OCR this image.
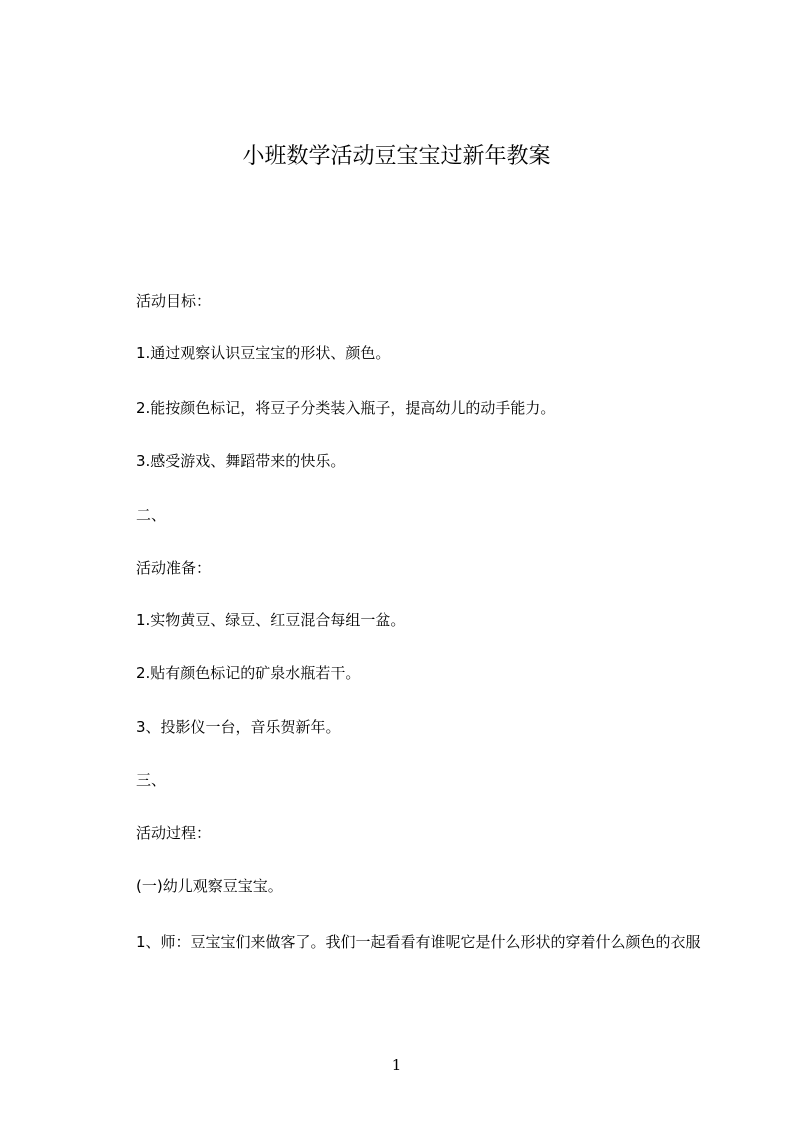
小班数学活动豆宝宝过新年教案
活动目标：
1.通过观察认识豆宝宝的形状、颜色。
2.能按颜色标记，将豆子分类装入瓶子，提高幼儿的动手能力。
3.感受游戏、舞蹈带来的快乐。
二、
活动准备：
1.实物黄豆、绿豆、红豆混合每组一盆。
2.贴有颜色标记的矿泉水瓶若干。
3、投影仪一台，音乐贺新年。
三、
活动过程：
(一)幼儿观察豆宝宝。
1、师：豆宝宝们来做客了。我们一起看看有谁呢它是什么形状的穿着什么颜色的衣服
1
